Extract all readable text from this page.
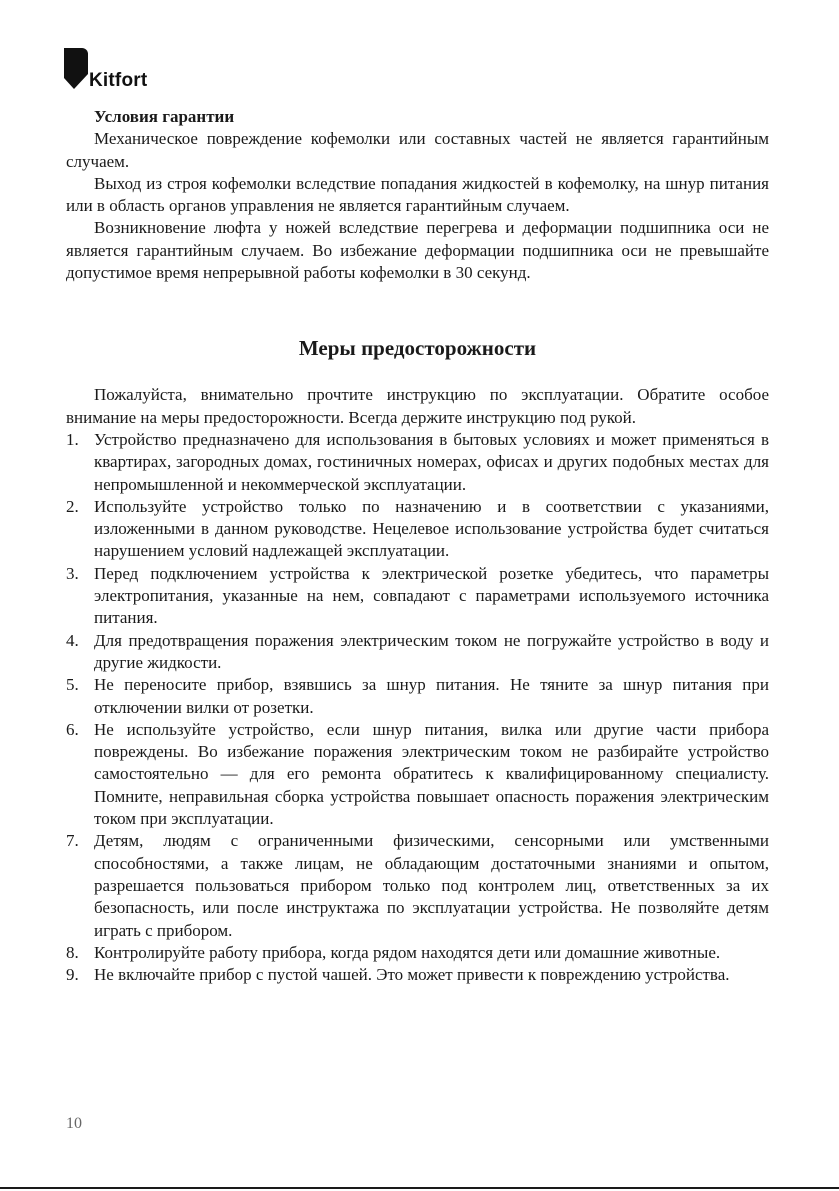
Kitfort

Условия гарантии

Механическое повреждение кофемолки или составных частей не является гарантийным случаем.

Выход из строя кофемолки вследствие попадания жидкостей в кофемолку, на шнур питания или в область органов управления не является гарантийным случаем.

Возникновение люфта у ножей вследствие перегрева и деформации подшипника оси не является гарантийным случаем. Во избежание деформации подшипника оси не превышайте допустимое время непрерывной работы кофемолки в 30 секунд.

Меры предосторожности

Пожалуйста, внимательно прочтите инструкцию по эксплуатации. Обратите особое внимание на меры предосторожности. Всегда держите инструкцию под рукой.

1. Устройство предназначено для использования в бытовых условиях и может применяться в квартирах, загородных домах, гостиничных номерах, офисах и других подобных местах для непромышленной и некоммерческой эксплуатации.
2. Используйте устройство только по назначению и в соответствии с указаниями, изложенными в данном руководстве. Нецелевое использование устройства будет считаться нарушением условий надлежащей эксплуатации.
3. Перед подключением устройства к электрической розетке убедитесь, что параметры электропитания, указанные на нем, совпадают с параметрами используемого источника питания.
4. Для предотвращения поражения электрическим током не погружайте устройство в воду и другие жидкости.
5. Не переносите прибор, взявшись за шнур питания. Не тяните за шнур питания при отключении вилки от розетки.
6. Не используйте устройство, если шнур питания, вилка или другие части прибора повреждены. Во избежание поражения электрическим током не разбирайте устройство самостоятельно — для его ремонта обратитесь к квалифицированному специалисту. Помните, неправильная сборка устройства повышает опасность поражения электрическим током при эксплуатации.
7. Детям, людям с ограниченными физическими, сенсорными или умственными способностями, а также лицам, не обладающим достаточными знаниями и опытом, разрешается пользоваться прибором только под контролем лиц, ответственных за их безопасность, или после инструктажа по эксплуатации устройства. Не позволяйте детям играть с прибором.
8. Контролируйте работу прибора, когда рядом находятся дети или домашние животные.
9. Не включайте прибор с пустой чашей. Это может привести к повреждению устройства.
10
